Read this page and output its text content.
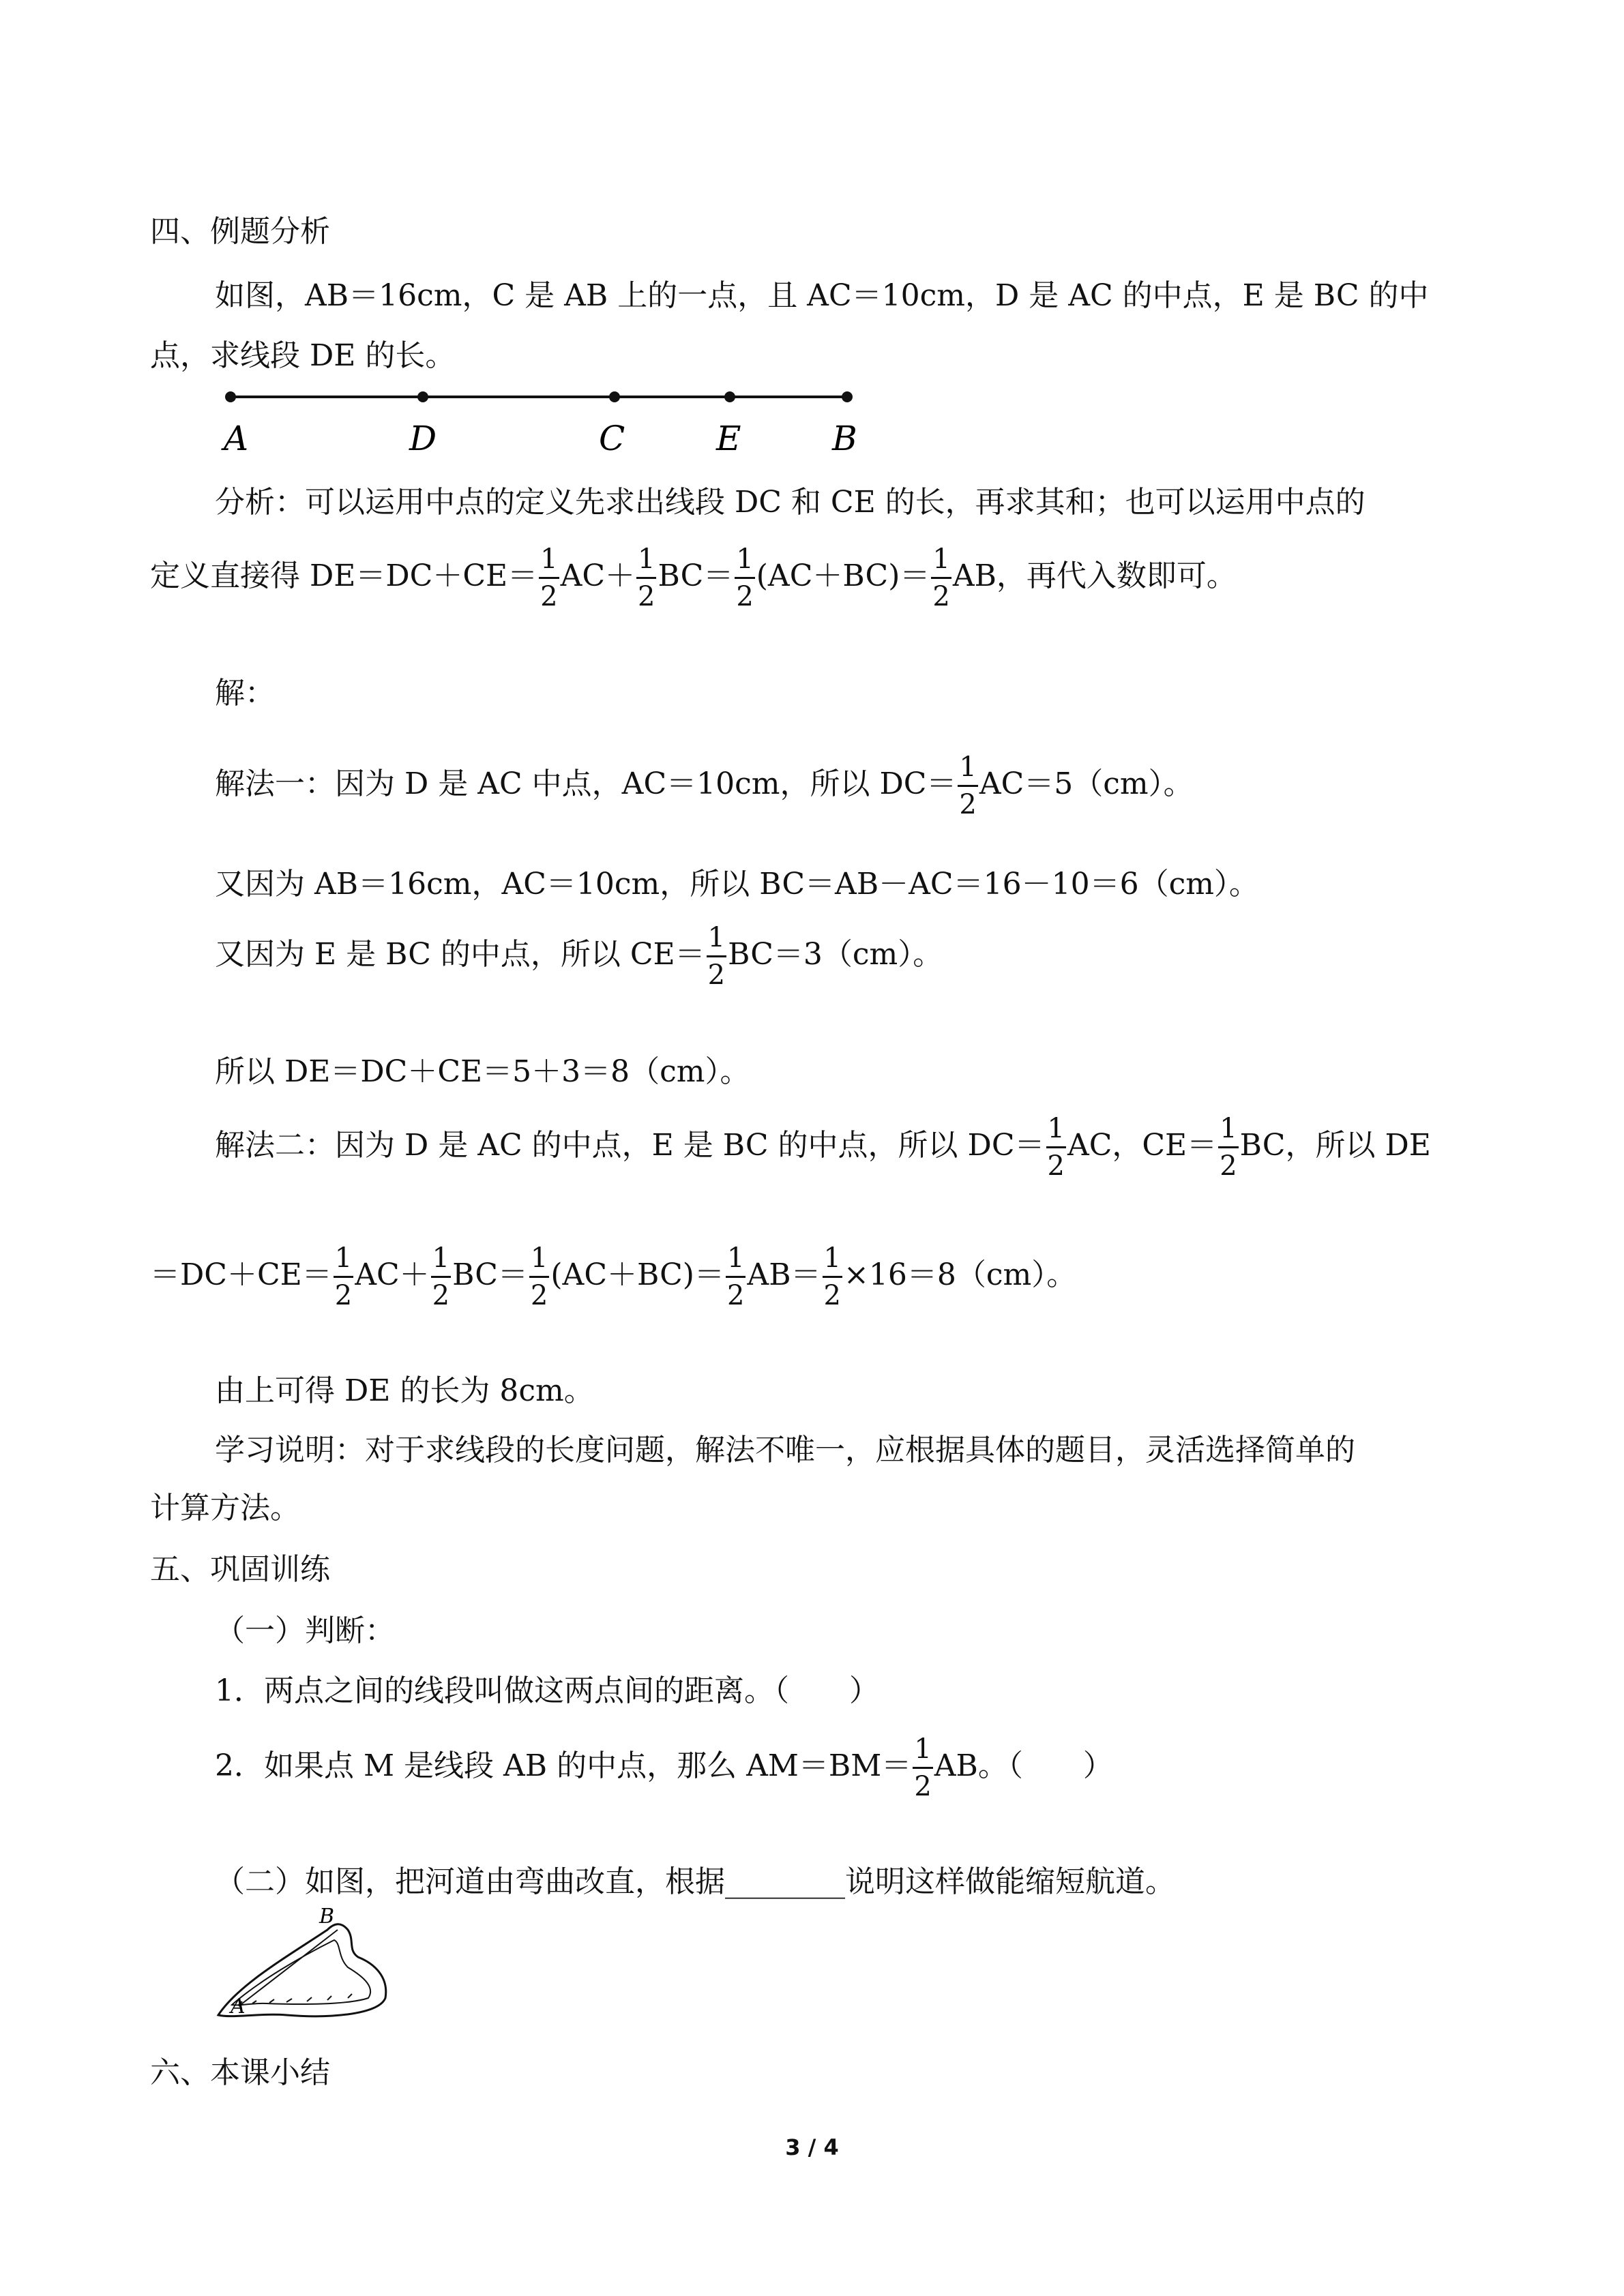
四、例题分析
如图，AB＝16cm，C 是 AB 上的一点，且 AC＝10cm，D 是 AC 的中点，E 是 BC 的中
点，求线段 DE 的长。
A	D	C	E	B
分析：可以运用中点的定义先求出线段 DC 和 CE 的长，再求其和；也可以运用中点的
定义直接得 $DE=DC+CE= \frac{1}{2} AC+ \frac{1}{2} BC= \frac{1}{2} (AC+BC)= \frac{1}{2}$ AB，再代入数即可。
解：
解法一：因为 D 是 AC 中点，AC＝10cm，所以 $DC= \frac{1}{2} AC=5(cm)$。
又因为 AB＝16cm，AC＝10cm，所以 BC＝AB－AC＝16－10＝6（cm）。
又因为 E 是 BC 的中点，所以 $CE= \frac{1}{2} BC=3(cm)$。
所以 DE＝DC＋CE＝5＋3＝8（cm）。
解法二：因为 D 是 AC 的中点，E 是 BC 的中点，所以 $DC= \frac{1}{2}$ AC，$CE= \frac{1}{2}$ BC，所以 DE
$=DC+CE= \frac{1}{2} AC+ \frac{1}{2} BC= \frac{1}{2} (AC+BC)= \frac{1}{2} AB= \frac{1}{2} \times 16=8(cm)$。
由上可得 DE 的长为 8cm。
学习说明：对于求线段的长度问题，解法不唯一，应根据具体的题目，灵活选择简单的
计算方法。
五、巩固训练
（一）判断：
1．两点之间的线段叫做这两点间的距离。（　　）
2．如果点 M 是线段 AB 的中点，那么 $AM=BM= \frac{1}{2}$ AB。（　　）
（二）如图，把河道由弯曲改直，根据________说明这样做能缩短航道。
A
B
六、本课小结
3 / 4
